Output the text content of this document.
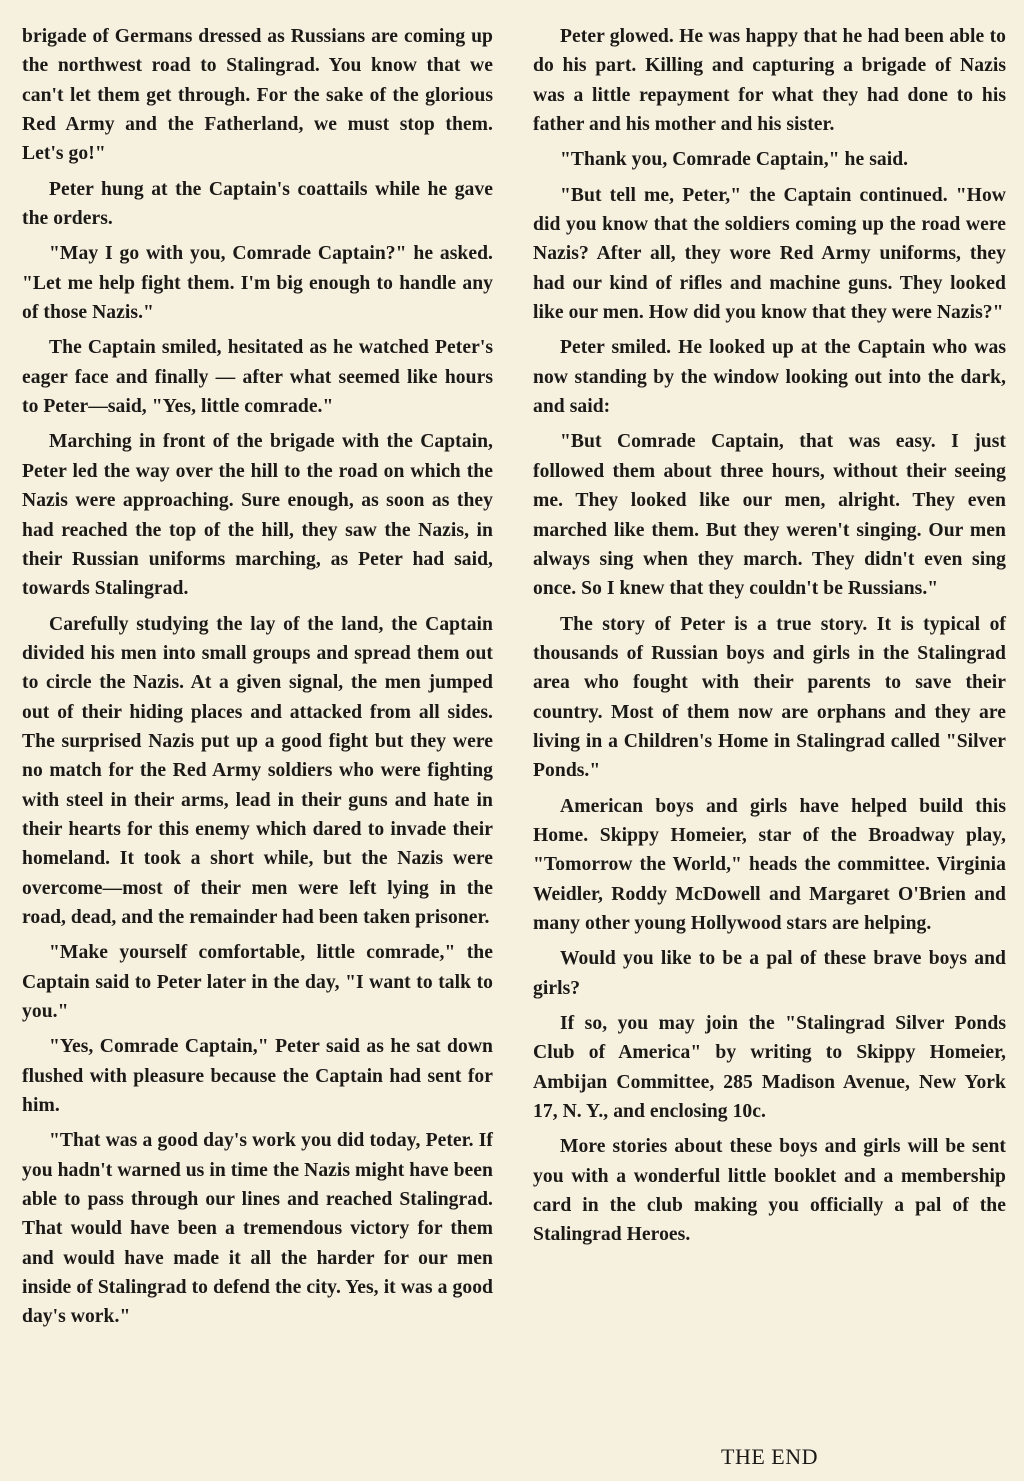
brigade of Germans dressed as Russians are coming up the northwest road to Stalingrad. You know that we can't let them get through. For the sake of the glorious Red Army and the Fatherland, we must stop them. Let's go!"

Peter hung at the Captain's coattails while he gave the orders.

"May I go with you, Comrade Captain?" he asked. "Let me help fight them. I'm big enough to handle any of those Nazis."

The Captain smiled, hesitated as he watched Peter's eager face and finally — after what seemed like hours to Peter—said, "Yes, little comrade."

Marching in front of the brigade with the Captain, Peter led the way over the hill to the road on which the Nazis were approaching. Sure enough, as soon as they had reached the top of the hill, they saw the Nazis, in their Russian uniforms marching, as Peter had said, towards Stalingrad.

Carefully studying the lay of the land, the Captain divided his men into small groups and spread them out to circle the Nazis. At a given signal, the men jumped out of their hiding places and attacked from all sides. The surprised Nazis put up a good fight but they were no match for the Red Army soldiers who were fighting with steel in their arms, lead in their guns and hate in their hearts for this enemy which dared to invade their homeland. It took a short while, but the Nazis were overcome—most of their men were left lying in the road, dead, and the remainder had been taken prisoner.

"Make yourself comfortable, little comrade," the Captain said to Peter later in the day, "I want to talk to you."

"Yes, Comrade Captain," Peter said as he sat down flushed with pleasure because the Captain had sent for him.

"That was a good day's work you did today, Peter. If you hadn't warned us in time the Nazis might have been able to pass through our lines and reached Stalingrad. That would have been a tremendous victory for them and would have made it all the harder for our men inside of Stalingrad to defend the city. Yes, it was a good day's work."

Peter glowed. He was happy that he had been able to do his part. Killing and capturing a brigade of Nazis was a little repayment for what they had done to his father and his mother and his sister.

"Thank you, Comrade Captain," he said.

"But tell me, Peter," the Captain continued. "How did you know that the soldiers coming up the road were Nazis? After all, they wore Red Army uniforms, they had our kind of rifles and machine guns. They looked like our men. How did you know that they were Nazis?"

Peter smiled. He looked up at the Captain who was now standing by the window looking out into the dark, and said:

"But Comrade Captain, that was easy. I just followed them about three hours, without their seeing me. They looked like our men, alright. They even marched like them. But they weren't singing. Our men always sing when they march. They didn't even sing once. So I knew that they couldn't be Russians."

The story of Peter is a true story. It is typical of thousands of Russian boys and girls in the Stalingrad area who fought with their parents to save their country. Most of them now are orphans and they are living in a Children's Home in Stalingrad called "Silver Ponds."

American boys and girls have helped build this Home. Skippy Homeier, star of the Broadway play, "Tomorrow the World," heads the committee. Virginia Weidler, Roddy McDowell and Margaret O'Brien and many other young Hollywood stars are helping.

Would you like to be a pal of these brave boys and girls?

If so, you may join the "Stalingrad Silver Ponds Club of America" by writing to Skippy Homeier, Ambijan Committee, 285 Madison Avenue, New York 17, N. Y., and enclosing 10c.

More stories about these boys and girls will be sent you with a wonderful little booklet and a membership card in the club making you officially a pal of the Stalingrad Heroes.

THE END
